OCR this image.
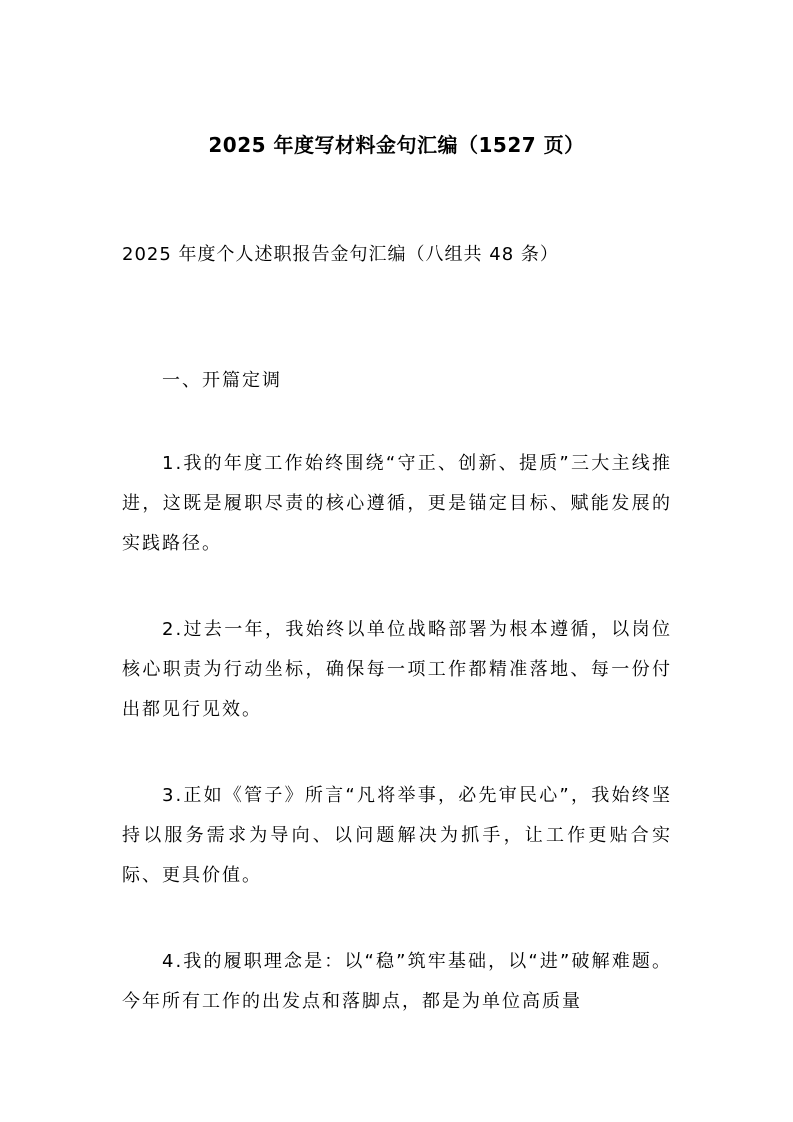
2025 年度写材料金句汇编（1527 页）
2025 年度个人述职报告金句汇编（八组共 48 条）
一、开篇定调

1.我的年度工作始终围绕“守正、创新、提质”三大主线推进，这既是履职尽责的核心遵循，更是锚定目标、赋能发展的实践路径。

2.过去一年，我始终以单位战略部署为根本遵循，以岗位核心职责为行动坐标，确保每一项工作都精准落地、每一份付出都见行见效。

3.正如《管子》所言“凡将举事，必先审民心”，我始终坚持以服务需求为导向、以问题解决为抓手，让工作更贴合实际、更具价值。

4.我的履职理念是：以“稳”筑牢基础，以“进”破解难题。今年所有工作的出发点和落脚点，都是为单位高质量
